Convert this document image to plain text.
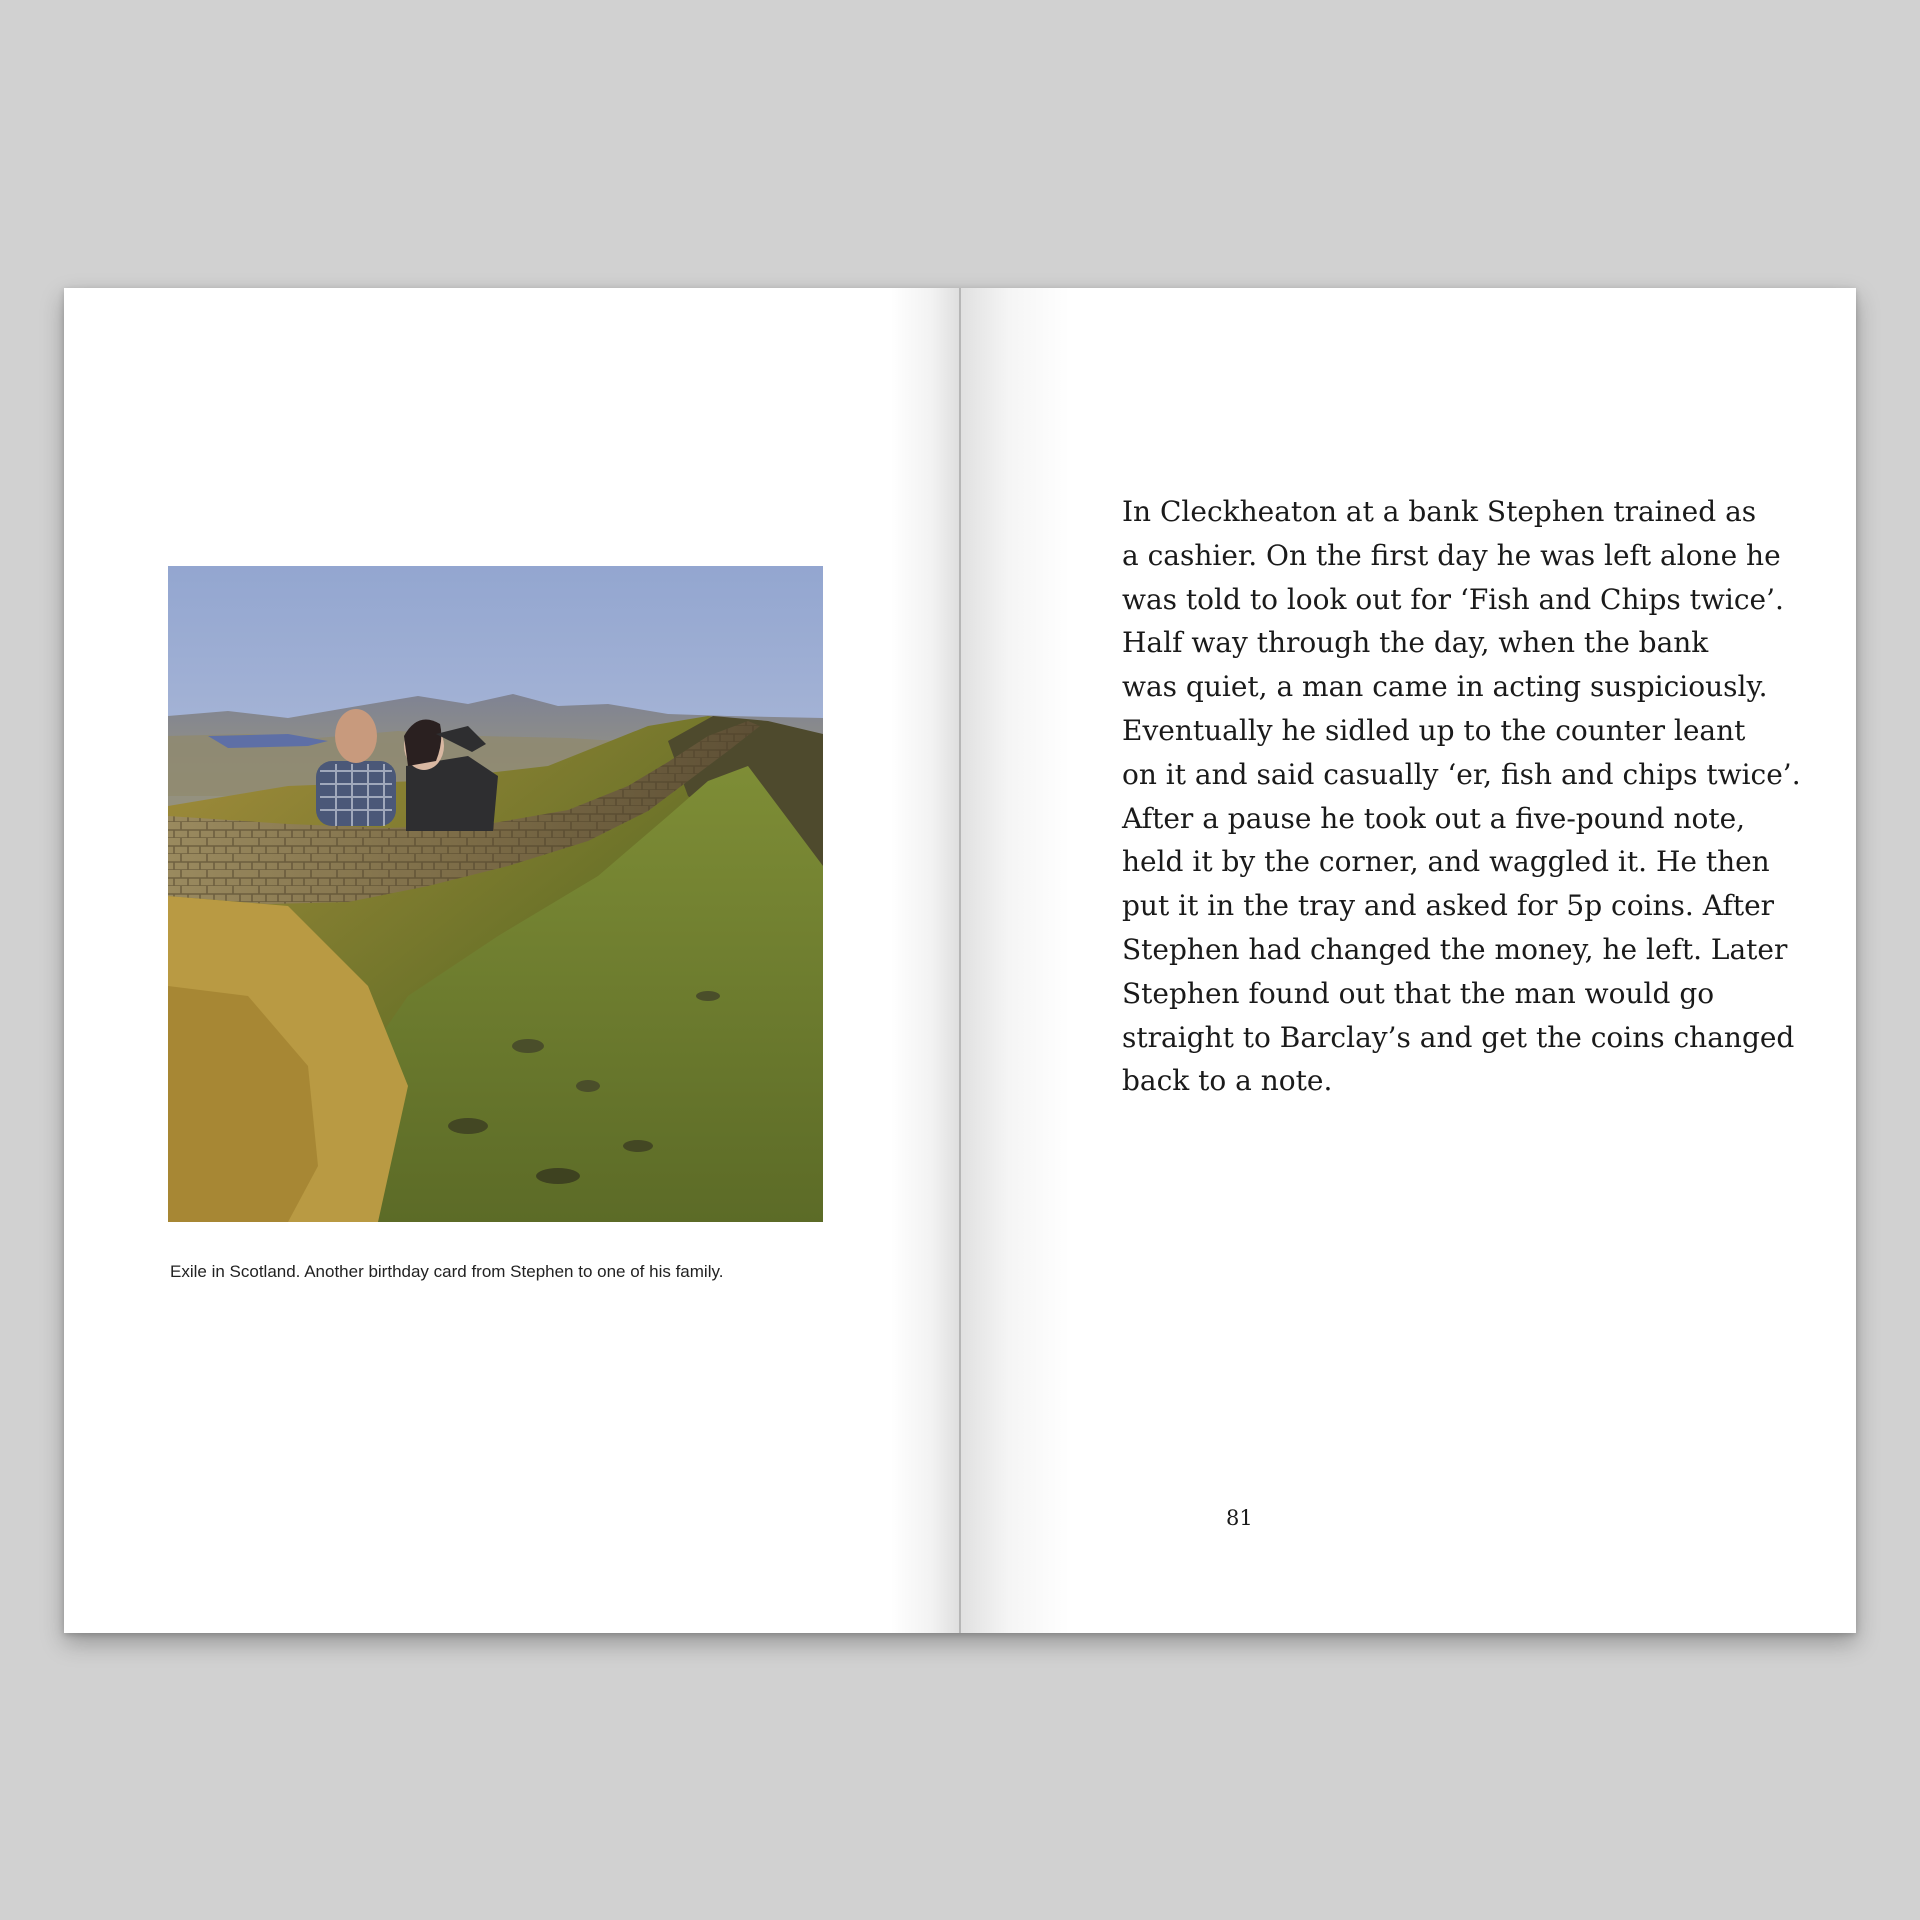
Exile in Scotland. Another birthday card from Stephen to one of his family.

In Cleckheaton at a bank Stephen trained as
a cashier. On the first day he was left alone he
was told to look out for ‘Fish and Chips twice’.
Half way through the day, when the bank
was quiet, a man came in acting suspiciously.
Eventually he sidled up to the counter leant
on it and said casually ‘er, fish and chips twice’.
After a pause he took out a five-pound note,
held it by the corner, and waggled it. He then
put it in the tray and asked for 5p coins. After
Stephen had changed the money, he left. Later
Stephen found out that the man would go
straight to Barclay’s and get the coins changed
back to a note.

81
